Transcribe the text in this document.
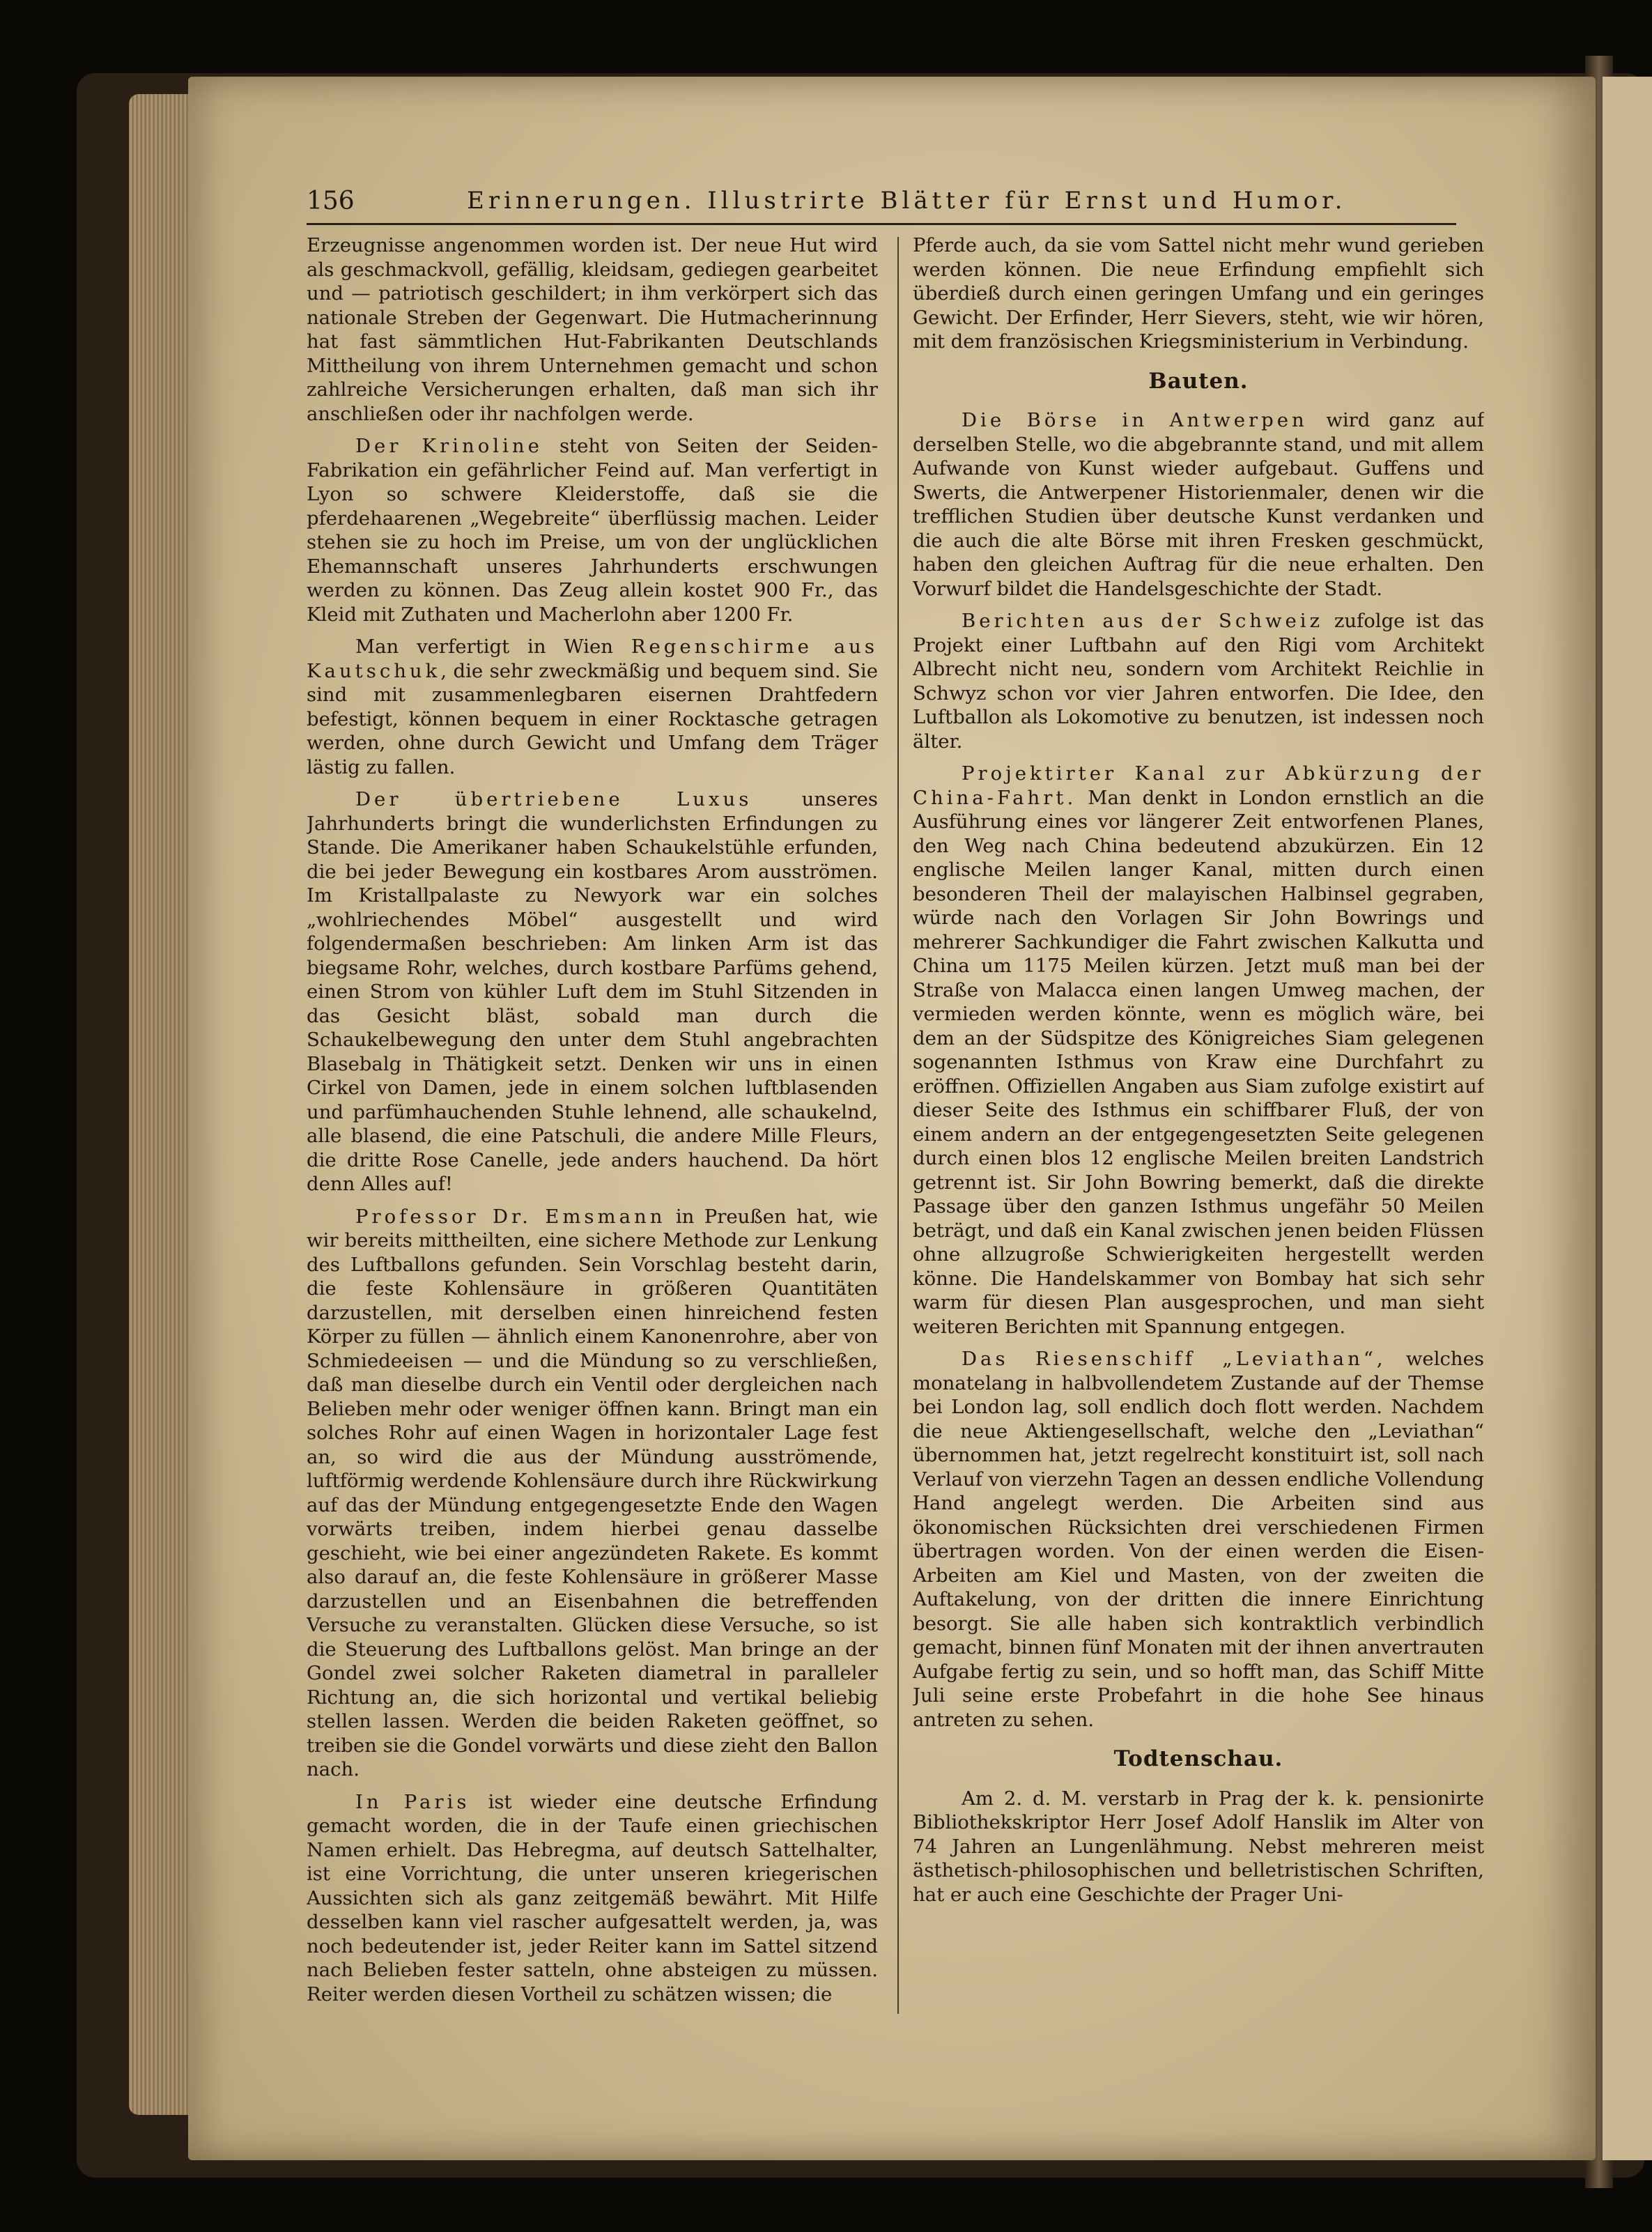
156	Erinnerungen. Illustrirte Blätter für Ernst und Humor.

Erzeugnisse angenommen worden ist. Der neue Hut wird als geschmackvoll, gefällig, kleidsam, gediegen gearbeitet und — patriotisch geschildert; in ihm verkörpert sich das nationale Streben der Gegenwart. Die Hutmacherinnung hat fast sämmtlichen Hut-Fabrikanten Deutschlands Mittheilung von ihrem Unternehmen gemacht und schon zahlreiche Versicherungen erhalten, daß man sich ihr anschließen oder ihr nachfolgen werde.

Der Krinoline steht von Seiten der Seiden-Fabrikation ein gefährlicher Feind auf. Man verfertigt in Lyon so schwere Kleiderstoffe, daß sie die pferdehaarenen „Wegebreite“ überflüssig machen. Leider stehen sie zu hoch im Preise, um von der unglücklichen Ehemannschaft unseres Jahrhunderts erschwungen werden zu können. Das Zeug allein kostet 900 Fr., das Kleid mit Zuthaten und Macherlohn aber 1200 Fr.

Man verfertigt in Wien Regenschirme aus Kautschuk, die sehr zweckmäßig und bequem sind. Sie sind mit zusammenlegbaren eisernen Drahtfedern befestigt, können bequem in einer Rocktasche getragen werden, ohne durch Gewicht und Umfang dem Träger lästig zu fallen.

Der übertriebene Luxus unseres Jahrhunderts bringt die wunderlichsten Erfindungen zu Stande. Die Amerikaner haben Schaukelstühle erfunden, die bei jeder Bewegung ein kostbares Arom ausströmen. Im Kristallpalaste zu Newyork war ein solches „wohlriechendes Möbel“ ausgestellt und wird folgendermaßen beschrieben: Am linken Arm ist das biegsame Rohr, welches, durch kostbare Parfüms gehend, einen Strom von kühler Luft dem im Stuhl Sitzenden in das Gesicht bläst, sobald man durch die Schaukelbewegung den unter dem Stuhl angebrachten Blasebalg in Thätigkeit setzt. Denken wir uns in einen Cirkel von Damen, jede in einem solchen luftblasenden und parfümhauchenden Stuhle lehnend, alle schaukelnd, alle blasend, die eine Patschuli, die andere Mille Fleurs, die dritte Rose Canelle, jede anders hauchend. Da hört denn Alles auf!

Professor Dr. Emsmann in Preußen hat, wie wir bereits mittheilten, eine sichere Methode zur Lenkung des Luftballons gefunden. Sein Vorschlag besteht darin, die feste Kohlensäure in größeren Quantitäten darzustellen, mit derselben einen hinreichend festen Körper zu füllen — ähnlich einem Kanonenrohre, aber von Schmiedeeisen — und die Mündung so zu verschließen, daß man dieselbe durch ein Ventil oder dergleichen nach Belieben mehr oder weniger öffnen kann. Bringt man ein solches Rohr auf einen Wagen in horizontaler Lage fest an, so wird die aus der Mündung ausströmende, luftförmig werdende Kohlensäure durch ihre Rückwirkung auf das der Mündung entgegengesetzte Ende den Wagen vorwärts treiben, indem hierbei genau dasselbe geschieht, wie bei einer angezündeten Rakete. Es kommt also darauf an, die feste Kohlensäure in größerer Masse darzustellen und an Eisenbahnen die betreffenden Versuche zu veranstalten. Glücken diese Versuche, so ist die Steuerung des Luftballons gelöst. Man bringe an der Gondel zwei solcher Raketen diametral in paralleler Richtung an, die sich horizontal und vertikal beliebig stellen lassen. Werden die beiden Raketen geöffnet, so treiben sie die Gondel vorwärts und diese zieht den Ballon nach.

In Paris ist wieder eine deutsche Erfindung gemacht worden, die in der Taufe einen griechischen Namen erhielt. Das Hebregma, auf deutsch Sattelhalter, ist eine Vorrichtung, die unter unseren kriegerischen Aussichten sich als ganz zeitgemäß bewährt. Mit Hilfe desselben kann viel rascher aufgesattelt werden, ja, was noch bedeutender ist, jeder Reiter kann im Sattel sitzend nach Belieben fester satteln, ohne absteigen zu müssen. Reiter werden diesen Vortheil zu schätzen wissen; die

Pferde auch, da sie vom Sattel nicht mehr wund gerieben werden können. Die neue Erfindung empfiehlt sich überdieß durch einen geringen Umfang und ein geringes Gewicht. Der Erfinder, Herr Sievers, steht, wie wir hören, mit dem französischen Kriegsministerium in Verbindung.

Bauten.

Die Börse in Antwerpen wird ganz auf derselben Stelle, wo die abgebrannte stand, und mit allem Aufwande von Kunst wieder aufgebaut. Guffens und Swerts, die Antwerpener Historienmaler, denen wir die trefflichen Studien über deutsche Kunst verdanken und die auch die alte Börse mit ihren Fresken geschmückt, haben den gleichen Auftrag für die neue erhalten. Den Vorwurf bildet die Handelsgeschichte der Stadt.

Berichten aus der Schweiz zufolge ist das Projekt einer Luftbahn auf den Rigi vom Architekt Albrecht nicht neu, sondern vom Architekt Reichlie in Schwyz schon vor vier Jahren entworfen. Die Idee, den Luftballon als Lokomotive zu benutzen, ist indessen noch älter.

Projektirter Kanal zur Abkürzung der China-Fahrt. Man denkt in London ernstlich an die Ausführung eines vor längerer Zeit entworfenen Planes, den Weg nach China bedeutend abzukürzen. Ein 12 englische Meilen langer Kanal, mitten durch einen besonderen Theil der malayischen Halbinsel gegraben, würde nach den Vorlagen Sir John Bowrings und mehrerer Sachkundiger die Fahrt zwischen Kalkutta und China um 1175 Meilen kürzen. Jetzt muß man bei der Straße von Malacca einen langen Umweg machen, der vermieden werden könnte, wenn es möglich wäre, bei dem an der Südspitze des Königreiches Siam gelegenen sogenannten Isthmus von Kraw eine Durchfahrt zu eröffnen. Offiziellen Angaben aus Siam zufolge existirt auf dieser Seite des Isthmus ein schiffbarer Fluß, der von einem andern an der entgegengesetzten Seite gelegenen durch einen blos 12 englische Meilen breiten Landstrich getrennt ist. Sir John Bowring bemerkt, daß die direkte Passage über den ganzen Isthmus ungefähr 50 Meilen beträgt, und daß ein Kanal zwischen jenen beiden Flüssen ohne allzugroße Schwierigkeiten hergestellt werden könne. Die Handelskammer von Bombay hat sich sehr warm für diesen Plan ausgesprochen, und man sieht weiteren Berichten mit Spannung entgegen.

Das Riesenschiff „Leviathan“, welches monatelang in halbvollendetem Zustande auf der Themse bei London lag, soll endlich doch flott werden. Nachdem die neue Aktiengesellschaft, welche den „Leviathan“ übernommen hat, jetzt regelrecht konstituirt ist, soll nach Verlauf von vierzehn Tagen an dessen endliche Vollendung Hand angelegt werden. Die Arbeiten sind aus ökonomischen Rücksichten drei verschiedenen Firmen übertragen worden. Von der einen werden die Eisen-Arbeiten am Kiel und Masten, von der zweiten die Auftakelung, von der dritten die innere Einrichtung besorgt. Sie alle haben sich kontraktlich verbindlich gemacht, binnen fünf Monaten mit der ihnen anvertrauten Aufgabe fertig zu sein, und so hofft man, das Schiff Mitte Juli seine erste Probefahrt in die hohe See hinaus antreten zu sehen.

Todtenschau.

Am 2. d. M. verstarb in Prag der k. k. pensionirte Bibliothekskriptor Herr Josef Adolf Hanslik im Alter von 74 Jahren an Lungenlähmung. Nebst mehreren meist ästhetisch-philosophischen und belletristischen Schriften, hat er auch eine Geschichte der Prager Uni-
